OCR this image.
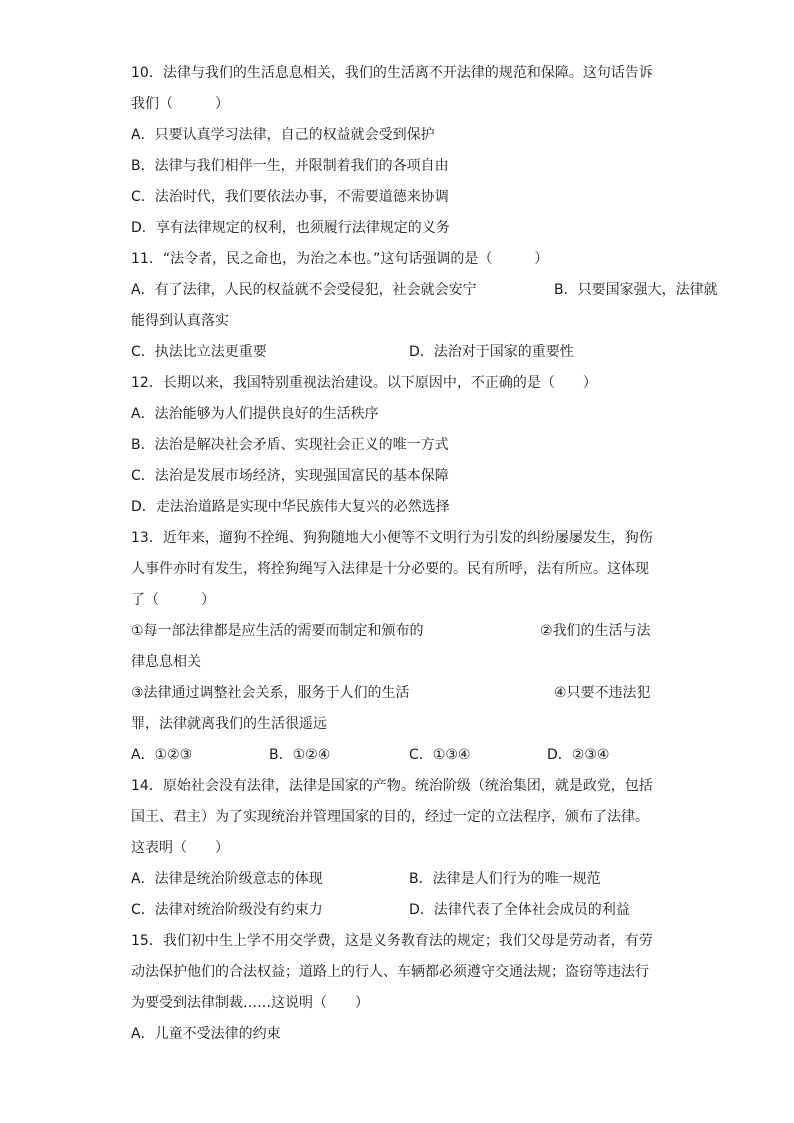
10．法律与我们的生活息息相关，我们的生活离不开法律的规范和保障。这句话告诉
我们（　　　）
A．只要认真学习法律，自己的权益就会受到保护
B．法律与我们相伴一生，并限制着我们的各项自由
C．法治时代，我们要依法办事，不需要道德来协调
D．享有法律规定的权利，也须履行法律规定的义务
11．“法令者，民之命也，为治之本也。”这句话强调的是（　　　）
A．有了法律，人民的权益就不会受侵犯，社会就会安宁	B．只要国家强大，法律就
能得到认真落实
C．执法比立法更重要	D．法治对于国家的重要性
12．长期以来，我国特别重视法治建设。以下原因中，不正确的是（　　）
A．法治能够为人们提供良好的生活秩序
B．法治是解决社会矛盾、实现社会正义的唯一方式
C．法治是发展市场经济，实现强国富民的基本保障
D．走法治道路是实现中华民族伟大复兴的必然选择
13．近年来，遛狗不拴绳、狗狗随地大小便等不文明行为引发的纠纷屡屡发生，狗伤
人事件亦时有发生，将拴狗绳写入法律是十分必要的。民有所呼，法有所应。这体现
了（　　　）
①每一部法律都是应生活的需要而制定和颁布的	②我们的生活与法
律息息相关
③法律通过调整社会关系，服务于人们的生活	④只要不违法犯
罪，法律就离我们的生活很遥远
A．①②③	B．①②④	C．①③④	D．②③④
14．原始社会没有法律，法律是国家的产物。统治阶级（统治集团，就是政党，包括
国王、君主）为了实现统治并管理国家的目的，经过一定的立法程序，颁布了法律。
这表明（　　）
A．法律是统治阶级意志的体现	B．法律是人们行为的唯一规范
C．法律对统治阶级没有约束力	D．法律代表了全体社会成员的利益
15．我们初中生上学不用交学费，这是义务教育法的规定；我们父母是劳动者，有劳
动法保护他们的合法权益；道路上的行人、车辆都必须遵守交通法规；盗窃等违法行
为要受到法律制裁……这说明（　　）
A．儿童不受法律的约束
